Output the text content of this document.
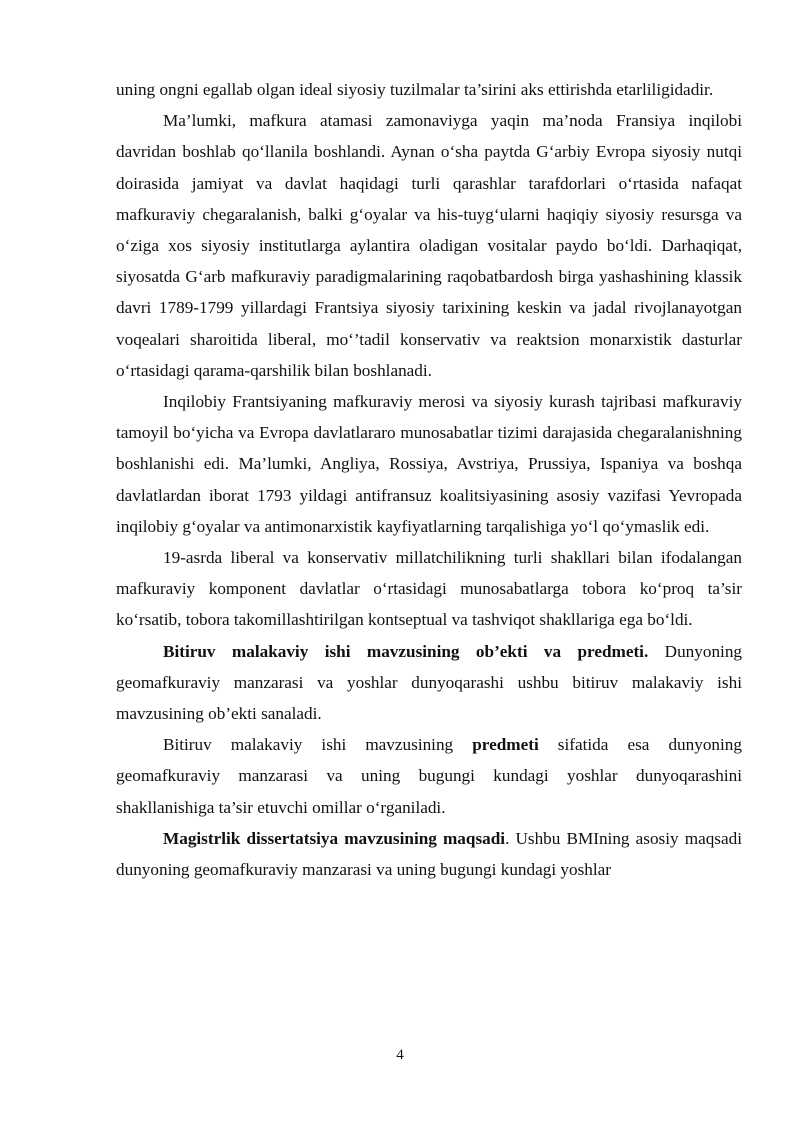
uning ongni egallab olgan ideal siyosiy tuzilmalar ta’sirini aks ettirishda etarliligidadir.

Ma’lumki, mafkura atamasi zamonaviyga yaqin ma’noda Fransiya inqilobi davridan boshlab qo‘llanila boshlandi. Aynan o‘sha paytda G‘arbiy Evropa siyosiy nutqi doirasida jamiyat va davlat haqidagi turli qarashlar tarafdorlari o‘rtasida nafaqat mafkuraviy chegaralanish, balki g‘oyalar va his-tuyg‘ularni haqiqiy siyosiy resursga va o‘ziga xos siyosiy institutlarga aylantira oladigan vositalar paydo bo‘ldi. Darhaqiqat, siyosatda G‘arb mafkuraviy paradigmalarining raqobatbardosh birga yashashining klassik davri 1789-1799 yillardagi Frantsiya siyosiy tarixining keskin va jadal rivojlanayotgan voqealari sharoitida liberal, mo‘’tadil konservativ va reaktsion monarxistik dasturlar o‘rtasidagi qarama-qarshilik bilan boshlanadi.

Inqilobiy Frantsiyaning mafkuraviy merosi va siyosiy kurash tajribasi mafkuraviy tamoyil bo‘yicha va Evropa davlatlararo munosabatlar tizimi darajasida chegaralanishning boshlanishi edi. Ma’lumki, Angliya, Rossiya, Avstriya, Prussiya, Ispaniya va boshqa davlatlardan iborat 1793 yildagi antifransuz koalitsiyasining asosiy vazifasi Yevropada inqilobiy g‘oyalar va antimonarxistik kayfiyatlarning tarqalishiga yo‘l qo‘ymaslik edi.

19-asrda liberal va konservativ millatchilikning turli shakllari bilan ifodalangan mafkuraviy komponent davlatlar o‘rtasidagi munosabatlarga tobora ko‘proq ta’sir ko‘rsatib, tobora takomillashtirilgan kontseptual va tashviqot shakllariga ega bo‘ldi.

Bitiruv malakaviy ishi mavzusining ob’ekti va predmeti. Dunyoning geomafkuraviy manzarasi va yoshlar dunyoqarashi ushbu bitiruv malakaviy ishi mavzusining ob’ekti sanaladi.

Bitiruv malakaviy ishi mavzusining predmeti sifatida esa dunyoning geomafkuraviy manzarasi va uning bugungi kundagi yoshlar dunyoqarashini shakllanishiga ta’sir etuvchi omillar o‘rganiladi.

Magistrlik dissertatsiya mavzusining maqsadi. Ushbu BMIning asosiy maqsadi dunyoning geomafkuraviy manzarasi va uning bugungi kundagi yoshlar

4
